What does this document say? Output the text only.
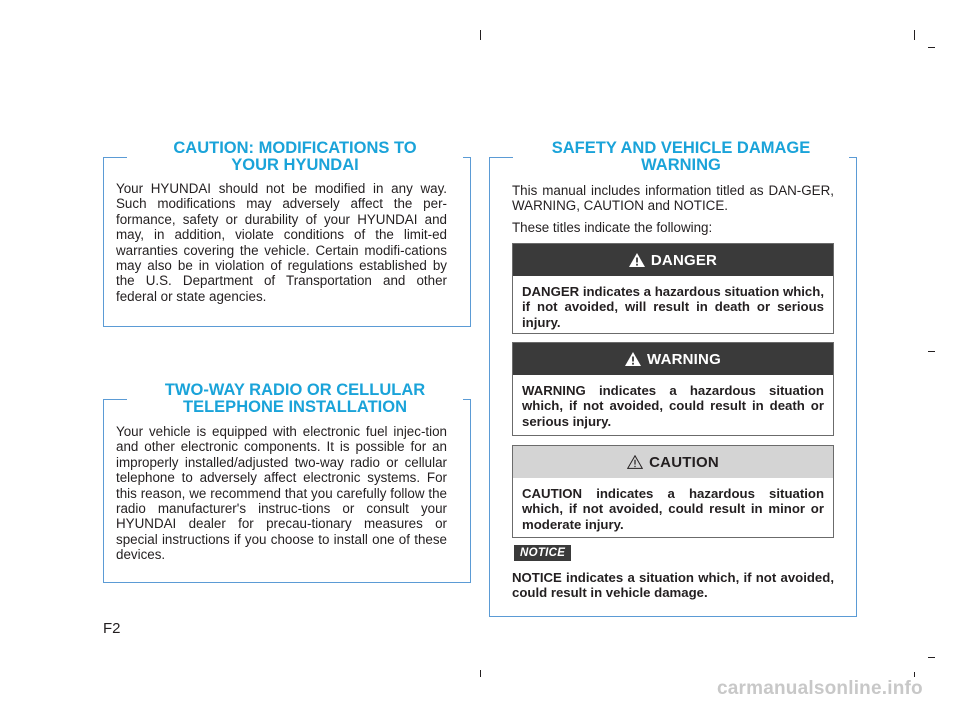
CAUTION: MODIFICATIONS TO
YOUR HYUNDAI

Your HYUNDAI should not be modified in any way. Such modifications may adversely affect the per-formance, safety or durability of your HYUNDAI and may, in addition, violate conditions of the limit-ed warranties covering the vehicle. Certain modifi-cations may also be in violation of regulations established by the U.S. Department of Transportation and other federal or state agencies.

TWO-WAY RADIO OR CELLULAR
TELEPHONE INSTALLATION

Your vehicle is equipped with electronic fuel injec-tion and other electronic components. It is possible for an improperly installed/adjusted two-way radio or cellular telephone to adversely affect electronic systems. For this reason, we recommend that you carefully follow the radio manufacturer's instruc-tions or consult your HYUNDAI dealer for precau-tionary measures or special instructions if you choose to install one of these devices.

SAFETY AND VEHICLE DAMAGE
WARNING

This manual includes information titled as DAN-GER, WARNING, CAUTION and NOTICE.

These titles indicate the following:

DANGER
DANGER indicates a hazardous situation which, if not avoided, will result in death or serious injury.
WARNING
WARNING indicates a hazardous situation which, if not avoided, could result in death or serious injury.
CAUTION
CAUTION indicates a hazardous situation which, if not avoided, could result in minor or moderate injury.
NOTICE

NOTICE indicates a situation which, if not avoided, could result in vehicle damage.

F2
carmanualsonline.info
